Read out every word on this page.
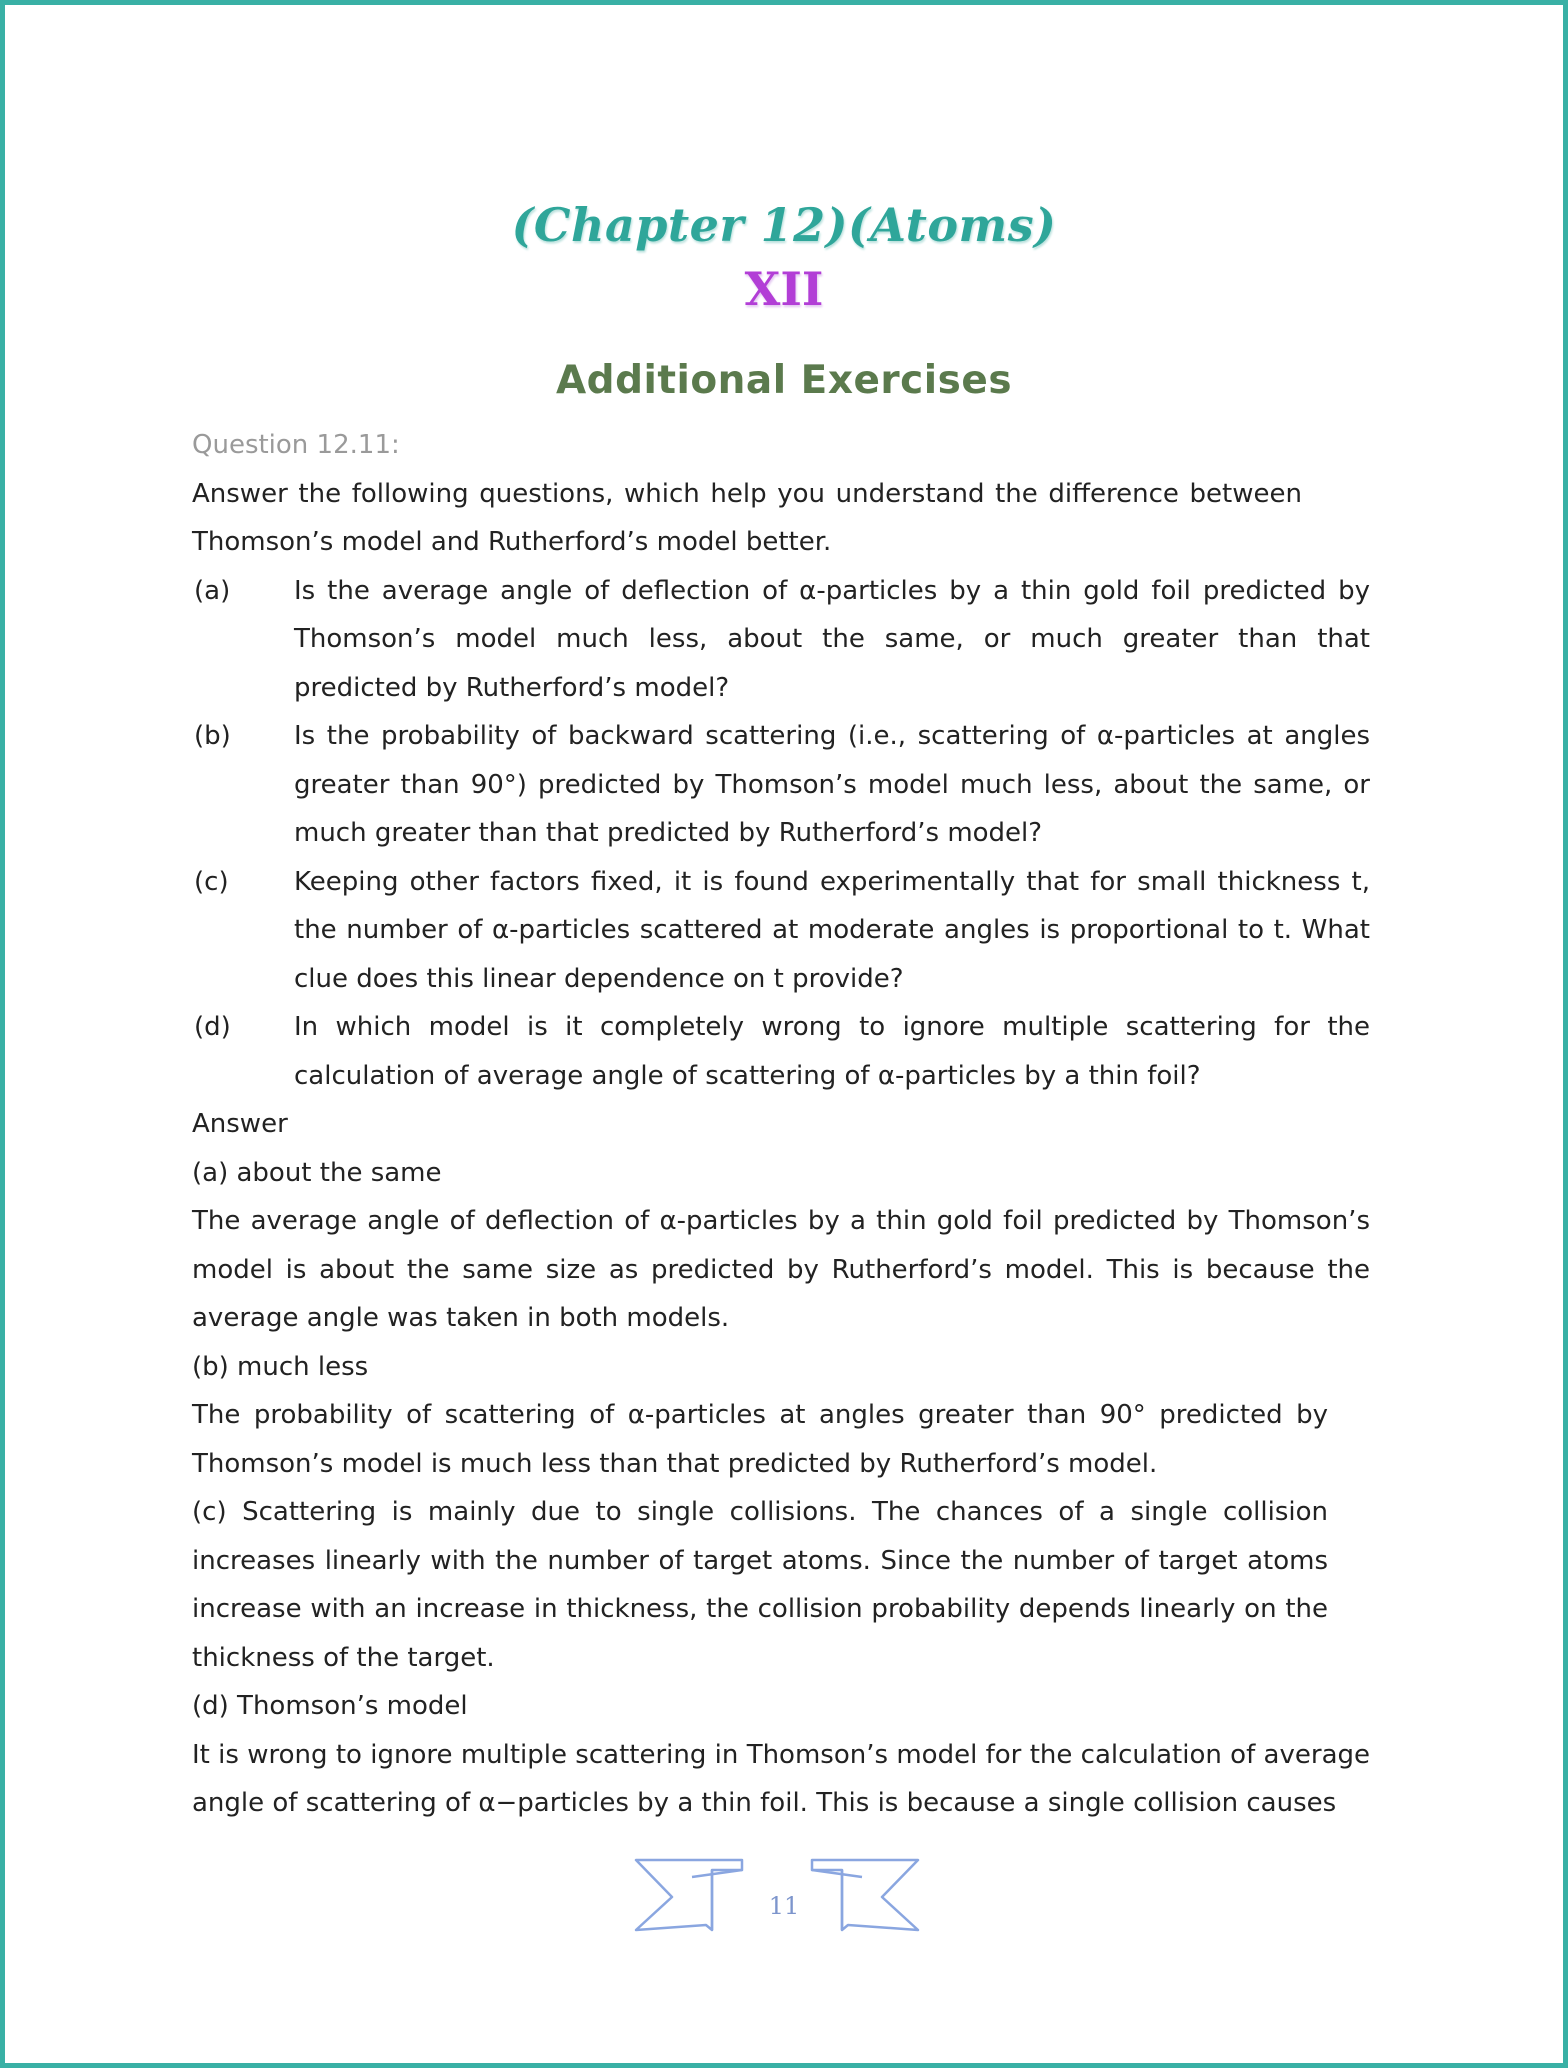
(Chapter 12)(Atoms)
XII
Additional Exercises

Question 12.11:

Answer the following questions, which help you understand the difference between Thomson’s model and Rutherford’s model better.

(a) Is the average angle of deflection of α-particles by a thin gold foil predicted by Thomson’s model much less, about the same, or much greater than that predicted by Rutherford’s model?
(b) Is the probability of backward scattering (i.e., scattering of α-particles at angles greater than 90°) predicted by Thomson’s model much less, about the same, or much greater than that predicted by Rutherford’s model?
(c)	Keeping other factors fixed, it is found experimentally that for small thickness t, the number of α-particles scattered at moderate angles is proportional to t. What clue does this linear dependence on t provide?
(d) In which model is it completely wrong to ignore multiple scattering for the calculation of average angle of scattering of α-particles by a thin foil?

Answer

(a) about the same

The average angle of deflection of α-particles by a thin gold foil predicted by Thomson’s model is about the same size as predicted by Rutherford’s model. This is because the average angle was taken in both models.

(b) much less

The probability of scattering of α-particles at angles greater than 90° predicted by Thomson’s model is much less than that predicted by Rutherford’s model.

(c) Scattering is mainly due to single collisions. The chances of a single collision increases linearly with the number of target atoms. Since the number of target atoms increase with an increase in thickness, the collision probability depends linearly on the thickness of the target.

(d) Thomson’s model

It is wrong to ignore multiple scattering in Thomson’s model for the calculation of average angle of scattering of α−particles by a thin foil. This is because a single collision causes

11
